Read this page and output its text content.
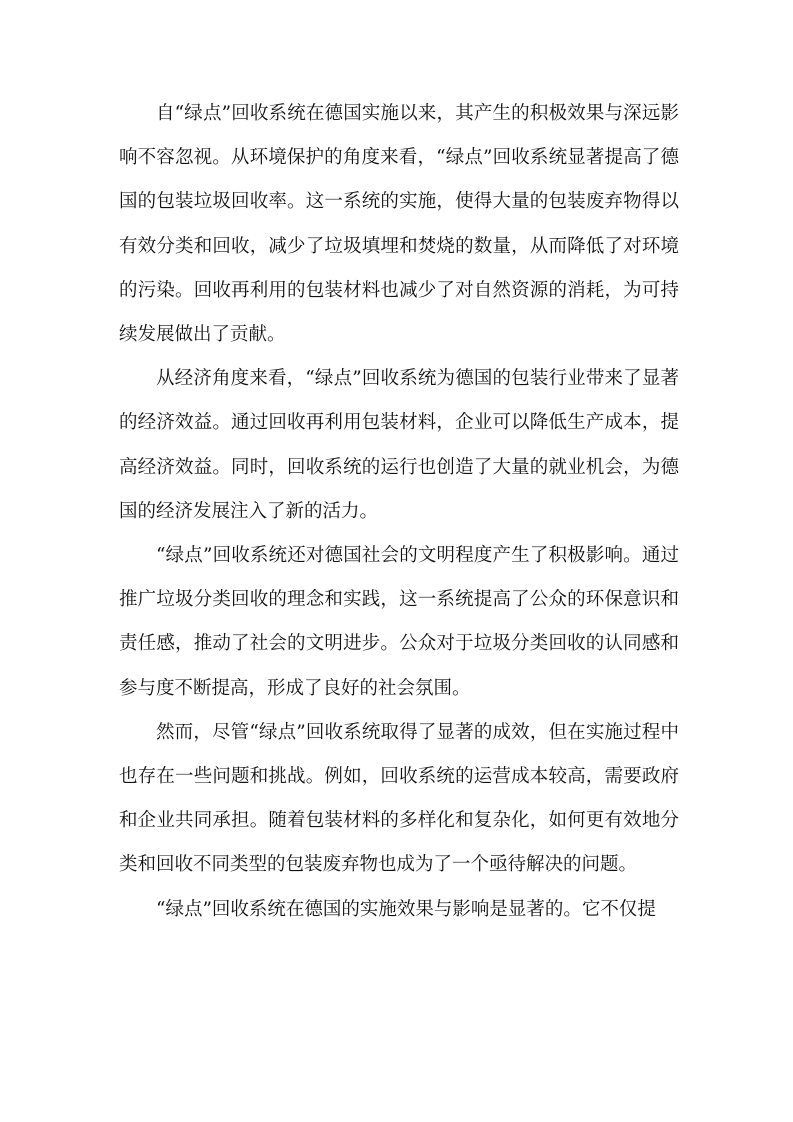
自“绿点”回收系统在德国实施以来，其产生的积极效果与深远影响不容忽视。从环境保护的角度来看，“绿点”回收系统显著提高了德国的包装垃圾回收率。这一系统的实施，使得大量的包装废弃物得以有效分类和回收，减少了垃圾填埋和焚烧的数量，从而降低了对环境的污染。回收再利用的包装材料也减少了对自然资源的消耗，为可持续发展做出了贡献。

从经济角度来看，“绿点”回收系统为德国的包装行业带来了显著的经济效益。通过回收再利用包装材料，企业可以降低生产成本，提高经济效益。同时，回收系统的运行也创造了大量的就业机会，为德国的经济发展注入了新的活力。

“绿点”回收系统还对德国社会的文明程度产生了积极影响。通过推广垃圾分类回收的理念和实践，这一系统提高了公众的环保意识和责任感，推动了社会的文明进步。公众对于垃圾分类回收的认同感和参与度不断提高，形成了良好的社会氛围。

然而，尽管“绿点”回收系统取得了显著的成效，但在实施过程中也存在一些问题和挑战。例如，回收系统的运营成本较高，需要政府和企业共同承担。随着包装材料的多样化和复杂化，如何更有效地分类和回收不同类型的包装废弃物也成为了一个亟待解决的问题。

“绿点”回收系统在德国的实施效果与影响是显著的。它不仅提
